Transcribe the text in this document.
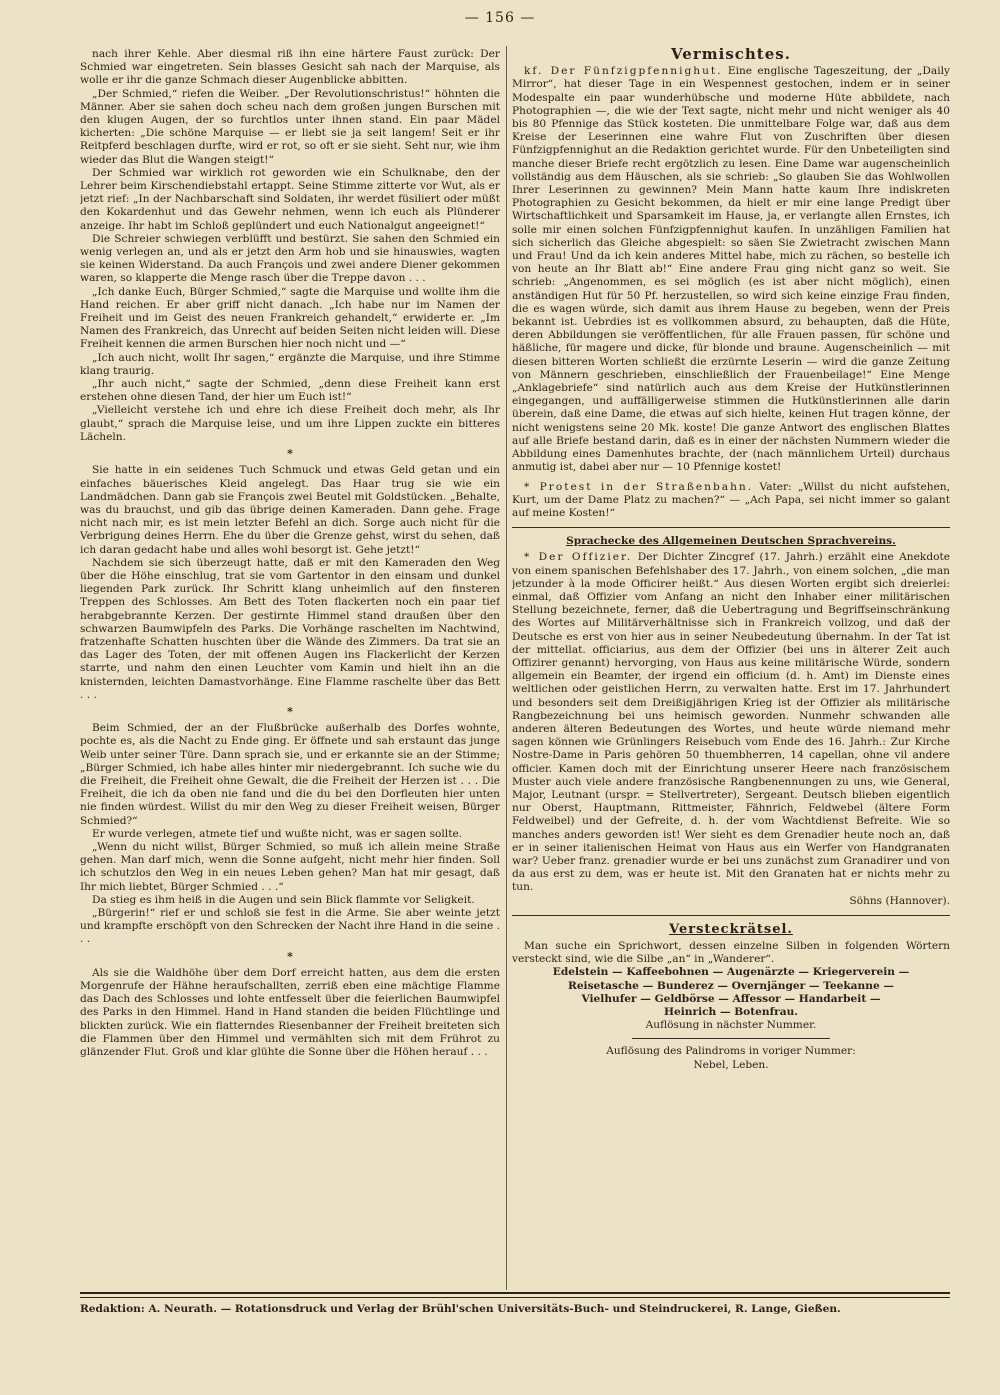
— 156 —

nach ihrer Kehle. Aber diesmal riß ihn eine härtere Faust zurück: Der Schmied war eingetreten. Sein blasses Gesicht sah nach der Marquise, als wolle er ihr die ganze Schmach dieser Augenblicke abbitten.

„Der Schmied,“ riefen die Weiber. „Der Revolutionschristus!“ höhnten die Männer. Aber sie sahen doch scheu nach dem großen jungen Burschen mit den klugen Augen, der so furchtlos unter ihnen stand. Ein paar Mädel kicherten: „Die schöne Marquise — er liebt sie ja seit langem! Seit er ihr Reitpferd beschlagen durfte, wird er rot, so oft er sie sieht. Seht nur, wie ihm wieder das Blut die Wangen steigt!“

Der Schmied war wirklich rot geworden wie ein Schulknabe, den der Lehrer beim Kirschendiebstahl ertappt. Seine Stimme zitterte vor Wut, als er jetzt rief: „In der Nachbarschaft sind Soldaten, ihr werdet füsiliert oder müßt den Kokardenhut und das Gewehr nehmen, wenn ich euch als Plünderer anzeige. Ihr habt im Schloß geplündert und euch Nationalgut angeeignet!“

Die Schreier schwiegen verblüfft und bestürzt. Sie sahen den Schmied ein wenig verlegen an, und als er jetzt den Arm hob und sie hinauswies, wagten sie keinen Widerstand. Da auch François und zwei andere Diener gekommen waren, so klapperte die Menge rasch über die Treppe davon . . .

„Ich danke Euch, Bürger Schmied,“ sagte die Marquise und wollte ihm die Hand reichen. Er aber griff nicht danach. „Ich habe nur im Namen der Freiheit und im Geist des neuen Frankreich gehandelt,“ erwiderte er. „Im Namen des Frankreich, das Unrecht auf beiden Seiten nicht leiden will. Diese Freiheit kennen die armen Burschen hier noch nicht und —“

„Ich auch nicht, wollt Ihr sagen,“ ergänzte die Marquise, und ihre Stimme klang traurig.

„Ihr auch nicht,“ sagte der Schmied, „denn diese Freiheit kann erst erstehen ohne diesen Tand, der hier um Euch ist!“

„Vielleicht verstehe ich und ehre ich diese Freiheit doch mehr, als Ihr glaubt,“ sprach die Marquise leise, und um ihre Lippen zuckte ein bitteres Lächeln.

*

Sie hatte in ein seidenes Tuch Schmuck und etwas Geld getan und ein einfaches bäuerisches Kleid angelegt. Das Haar trug sie wie ein Landmädchen. Dann gab sie François zwei Beutel mit Goldstücken. „Behalte, was du brauchst, und gib das übrige deinen Kameraden. Dann gehe. Frage nicht nach mir, es ist mein letzter Befehl an dich. Sorge auch nicht für die Verbrigung deines Herrn. Ehe du über die Grenze gehst, wirst du sehen, daß ich daran gedacht habe und alles wohl besorgt ist. Gehe jetzt!“

Nachdem sie sich überzeugt hatte, daß er mit den Kameraden den Weg über die Höhe einschlug, trat sie vom Gartentor in den einsam und dunkel liegenden Park zurück. Ihr Schritt klang unheimlich auf den finsteren Treppen des Schlosses. Am Bett des Toten flackerten noch ein paar tief herabgebrannte Kerzen. Der gestirnte Himmel stand draußen über den schwarzen Baumwipfeln des Parks. Die Vorhänge raschelten im Nachtwind, fratzenhafte Schatten huschten über die Wände des Zimmers. Da trat sie an das Lager des Toten, der mit offenen Augen ins Flackerlicht der Kerzen starrte, und nahm den einen Leuchter vom Kamin und hielt ihn an die knisternden, leichten Damastvorhänge. Eine Flamme raschelte über das Bett . . .

*

Beim Schmied, der an der Flußbrücke außerhalb des Dorfes wohnte, pochte es, als die Nacht zu Ende ging. Er öffnete und sah erstaunt das junge Weib unter seiner Türe. Dann sprach sie, und er erkannte sie an der Stimme; „Bürger Schmied, ich habe alles hinter mir niedergebrannt. Ich suche wie du die Freiheit, die Freiheit ohne Gewalt, die die Freiheit der Herzen ist . . . Die Freiheit, die ich da oben nie fand und die du bei den Dorfleuten hier unten nie finden würdest. Willst du mir den Weg zu dieser Freiheit weisen, Bürger Schmied?“

Er wurde verlegen, atmete tief und wußte nicht, was er sagen sollte.

„Wenn du nicht willst, Bürger Schmied, so muß ich allein meine Straße gehen. Man darf mich, wenn die Sonne aufgeht, nicht mehr hier finden. Soll ich schutzlos den Weg in ein neues Leben gehen? Man hat mir gesagt, daß Ihr mich liebtet, Bürger Schmied . . .“

Da stieg es ihm heiß in die Augen und sein Blick flammte vor Seligkeit.

„Bürgerin!“ rief er und schloß sie fest in die Arme. Sie aber weinte jetzt und krampfte erschöpft von den Schrecken der Nacht ihre Hand in die seine . . .

*

Als sie die Waldhöhe über dem Dorf erreicht hatten, aus dem die ersten Morgenrufe der Hähne heraufschallten, zerriß eben eine mächtige Flamme das Dach des Schlosses und lohte entfesselt über die feierlichen Baumwipfel des Parks in den Himmel. Hand in Hand standen die beiden Flüchtlinge und blickten zurück. Wie ein flatterndes Riesenbanner der Freiheit breiteten sich die Flammen über den Himmel und vermählten sich mit dem Frührot zu glänzender Flut. Groß und klar glühte die Sonne über die Höhen herauf . . .

Vermischtes.

kf. Der Fünfzigpfennighut. Eine englische Tageszeitung, der „Daily Mirror“, hat dieser Tage in ein Wespennest gestochen, indem er in seiner Modespalte ein paar wunderhübsche und moderne Hüte abbildete, nach Photographien —, die wie der Text sagte, nicht mehr und nicht weniger als 40 bis 80 Pfennige das Stück kosteten. Die unmittelbare Folge war, daß aus dem Kreise der Leserinnen eine wahre Flut von Zuschriften über diesen Fünfzigpfennighut an die Redaktion gerichtet wurde. Für den Unbeteiligten sind manche dieser Briefe recht ergötzlich zu lesen. Eine Dame war augenscheinlich vollständig aus dem Häuschen, als sie schrieb: „So glauben Sie das Wohlwollen Ihrer Leserinnen zu gewinnen? Mein Mann hatte kaum Ihre indiskreten Photographien zu Gesicht bekommen, da hielt er mir eine lange Predigt über Wirtschaftlichkeit und Sparsamkeit im Hause, ja, er verlangte allen Ernstes, ich solle mir einen solchen Fünfzigpfennighut kaufen. In unzähligen Familien hat sich sicherlich das Gleiche abgespielt: so säen Sie Zwietracht zwischen Mann und Frau! Und da ich kein anderes Mittel habe, mich zu rächen, so bestelle ich von heute an Ihr Blatt ab!“ Eine andere Frau ging nicht ganz so weit. Sie schrieb: „Angenommen, es sei möglich (es ist aber nicht möglich), einen anständigen Hut für 50 Pf. herzustellen, so wird sich keine einzige Frau finden, die es wagen würde, sich damit aus ihrem Hause zu begeben, wenn der Preis bekannt ist. Uebrdies ist es vollkommen absurd, zu behaupten, daß die Hüte, deren Abbildungen sie veröffentlichen, für alle Frauen passen, für schöne und häßliche, für magere und dicke, für blonde und braune. Augenscheinlich — mit diesen bitteren Worten schließt die erzürnte Leserin — wird die ganze Zeitung von Männern geschrieben, einschließlich der Frauenbeilage!“ Eine Menge „Anklagebriefe“ sind natürlich auch aus dem Kreise der Hutkünstlerinnen eingegangen, und auffälligerweise stimmen die Hutkünstlerinnen alle darin überein, daß eine Dame, die etwas auf sich hielte, keinen Hut tragen könne, der nicht wenigstens seine 20 Mk. koste! Die ganze Antwort des englischen Blattes auf alle Briefe bestand darin, daß es in einer der nächsten Nummern wieder die Abbildung eines Damenhutes brachte, der (nach männlichem Urteil) durchaus anmutig ist, dabei aber nur — 10 Pfennige kostet!

* Protest in der Straßenbahn. Vater: „Willst du nicht aufstehen, Kurt, um der Dame Platz zu machen?“ — „Ach Papa, sei nicht immer so galant auf meine Kosten!“

Sprachecke des Allgemeinen Deutschen Sprachvereins.

* Der Offizier. Der Dichter Zincgref (17. Jahrh.) erzählt eine Anekdote von einem spanischen Befehlshaber des 17. Jahrh., von einem solchen, „die man jetzunder à la mode Officirer heißt.“ Aus diesen Worten ergibt sich dreierlei: einmal, daß Offizier vom Anfang an nicht den Inhaber einer militärischen Stellung bezeichnete, ferner, daß die Uebertragung und Begriffseinschränkung des Wortes auf Militärverhältnisse sich in Frankreich vollzog, und daß der Deutsche es erst von hier aus in seiner Neubedeutung übernahm. In der Tat ist der mittellat. officiarius, aus dem der Offizier (bei uns in älterer Zeit auch Offizirer genannt) hervorging, von Haus aus keine militärische Würde, sondern allgemein ein Beamter, der irgend ein officium (d. h. Amt) im Dienste eines weltlichen oder geistlichen Herrn, zu verwalten hatte. Erst im 17. Jahrhundert und besonders seit dem Dreißigjährigen Krieg ist der Offizier als militärische Rangbezeichnung bei uns heimisch geworden. Nunmehr schwanden alle anderen älteren Bedeutungen des Wortes, und heute würde niemand mehr sagen können wie Grünlingers Reisebuch vom Ende des 16. Jahrh.: Zur Kirche Nostre-Dame in Paris gehören 50 thuembherren, 14 capellan, ohne vil andere officier. Kamen doch mit der Einrichtung unserer Heere nach französischem Muster auch viele andere französische Rangbenennungen zu uns, wie General, Major, Leutnant (urspr. = Stellvertreter), Sergeant. Deutsch blieben eigentlich nur Oberst, Hauptmann, Rittmeister, Fähnrich, Feldwebel (ältere Form Feldweibel) und der Gefreite, d. h. der vom Wachtdienst Befreite. Wie so manches anders geworden ist! Wer sieht es dem Grenadier heute noch an, daß er in seiner italienischen Heimat von Haus aus ein Werfer von Handgranaten war? Ueber franz. grenadier wurde er bei uns zunächst zum Granadirer und von da aus erst zu dem, was er heute ist. Mit den Granaten hat er nichts mehr zu tun.

Söhns (Hannover).

Versteckrätsel.

Man suche ein Sprichwort, dessen einzelne Silben in folgenden Wörtern versteckt sind, wie die Silbe „an“ in „Wanderer“.

Edelstein — Kaffeebohnen — Augenärzte — Kriegerverein —

Reisetasche — Bunderez — Overnjänger — Teekanne —

Vielhufer — Geldbörse — Affessor — Handarbeit —

Heinrich — Botenfrau.

Auflösung in nächster Nummer.

Auflösung des Palindroms in voriger Nummer:

Nebel, Leben.

Redaktion: A. Neurath. — Rotationsdruck und Verlag der Brühl'schen Universitäts-Buch- und Steindruckerei, R. Lange, Gießen.
